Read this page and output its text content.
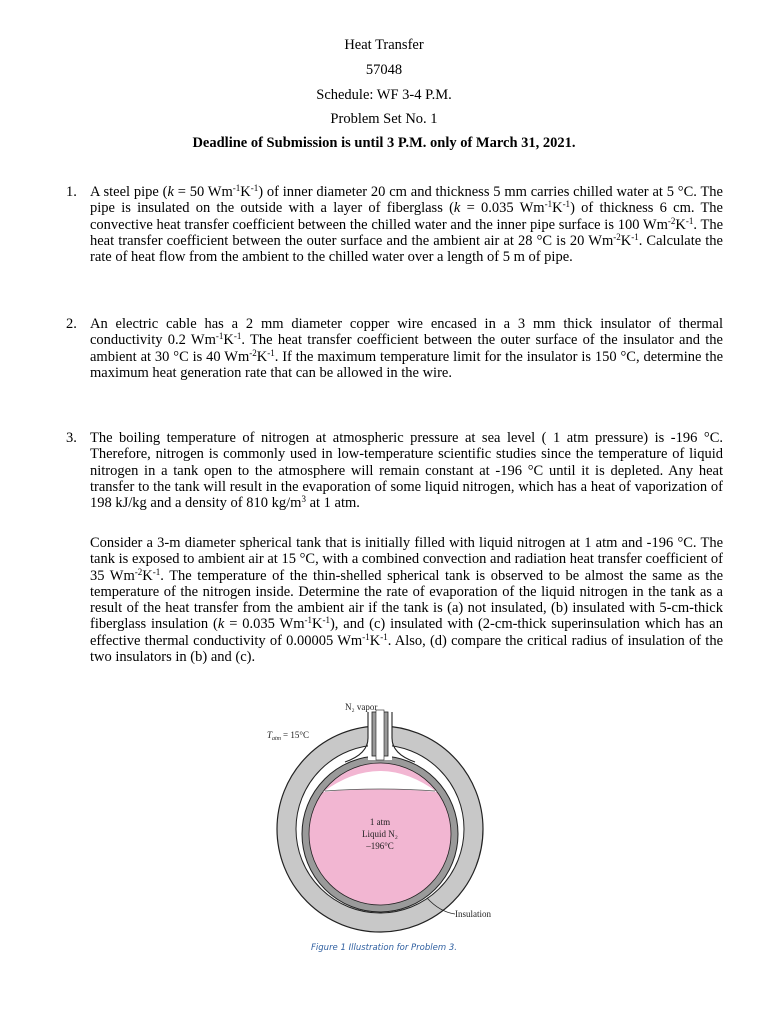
Heat Transfer
57048
Schedule: WF 3-4 P.M.
Problem Set No. 1
Deadline of Submission is until 3 P.M. only of March 31, 2021.
1. A steel pipe (k = 50 $Wm^{-1}K^{-1}$) of inner diameter 20 cm and thickness 5 mm carries chilled water at 5 °C. The pipe is insulated on the outside with a layer of fiberglass (k = 0.035 $Wm^{-1}K^{-1}$) of thickness 6 cm. The convective heat transfer coefficient between the chilled water and the inner pipe surface is 100 $Wm^{-2}K^{-1}$. The heat transfer coefficient between the outer surface and the ambient air at 28 °C is 20 $Wm^{-2}K^{-1}$. Calculate the rate of heat flow from the ambient to the chilled water over a length of 5 m of pipe.
2. An electric cable has a 2 mm diameter copper wire encased in a 3 mm thick insulator of thermal conductivity 0.2 $Wm^{-1}K^{-1}$. The heat transfer coefficient between the outer surface of the insulator and the ambient at 30 °C is 40 $Wm^{-2}K^{-1}$. If the maximum temperature limit for the insulator is 150 °C, determine the maximum heat generation rate that can be allowed in the wire.
3. The boiling temperature of nitrogen at atmospheric pressure at sea level ( 1 atm pressure) is -196 °C. Therefore, nitrogen is commonly used in low-temperature scientific studies since the temperature of liquid nitrogen in a tank open to the atmosphere will remain constant at -196 °C until it is depleted. Any heat transfer to the tank will result in the evaporation of some liquid nitrogen, which has a heat of vaporization of 198 kJ/kg and a density of 810 $kg/m^3$ at 1 atm.
Consider a 3-m diameter spherical tank that is initially filled with liquid nitrogen at 1 atm and -196 °C. The tank is exposed to ambient air at 15 °C, with a combined convection and radiation heat transfer coefficient of 35 $Wm^{-2}K^{-1}$. The temperature of the thin-shelled spherical tank is observed to be almost the same as the temperature of the nitrogen inside. Determine the rate of evaporation of the liquid nitrogen in the tank as a result of the heat transfer from the ambient air if the tank is (a) not insulated, (b) insulated with 5-cm-thick fiberglass insulation (k = 0.035 $Wm^{-1}K^{-1}$), and (c) insulated with (2-cm-thick superinsulation which has an effective thermal conductivity of 0.00005 $Wm^{-1}K^{-1}$. Also, (d) compare the critical radius of insulation of the two insulators in (b) and (c).
N₂ vapor
$T_{atm} = 15^\circ C$
1 atm
Liquid N₂
–196°C
Insulation
Figure 1 Illustration for Problem 3.
